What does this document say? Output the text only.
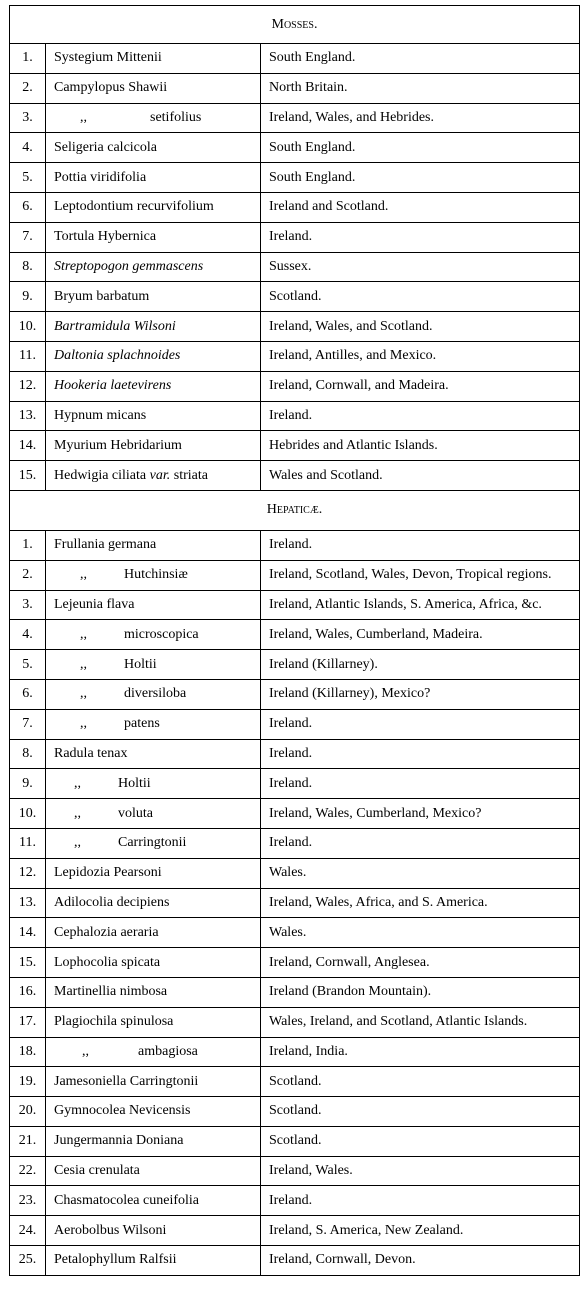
Mosses.		
1.	Systegium Mittenii	South England.
2.	Campylopus Shawii	North Britain.
3.	,, setifolius	Ireland, Wales, and Hebrides.
4.	Seligeria calcicola	South England.
5.	Pottia viridifolia	South England.
6.	Leptodontium recurvifolium	Ireland and Scotland.
7.	Tortula Hybernica	Ireland.
8.	Streptopogon gemmascens	Sussex.
9.	Bryum barbatum	Scotland.
10.	Bartramidula Wilsoni	Ireland, Wales, and Scotland.
11.	Daltonia splachnoides	Ireland, Antilles, and Mexico.
12.	Hookeria laetevirens	Ireland, Cornwall, and Madeira.
13.	Hypnum micans	Ireland.
14.	Myurium Hebridarium	Hebrides and Atlantic Islands.
15.	Hedwigia ciliata var. striata	Wales and Scotland.
Hepaticæ.		
1.	Frullania germana	Ireland.
2.	,, Hutchinsiæ	Ireland, Scotland, Wales, Devon, Tropical regions.
3.	Lejeunia flava	Ireland, Atlantic Islands, S. America, Africa, &c.
4.	,, microscopica	Ireland, Wales, Cumberland, Madeira.
5.	,, Holtii	Ireland (Killarney).
6.	,, diversiloba	Ireland (Killarney), Mexico?
7.	,, patens	Ireland.
8.	Radula tenax	Ireland.
9.	,, Holtii	Ireland.
10.	,, voluta	Ireland, Wales, Cumberland, Mexico?
11.	,, Carringtonii	Ireland.
12.	Lepidozia Pearsoni	Wales.
13.	Adilocolia decipiens	Ireland, Wales, Africa, and S. America.
14.	Cephalozia aeraria	Wales.
15.	Lophocolia spicata	Ireland, Cornwall, Anglesea.
16.	Martinellia nimbosa	Ireland (Brandon Mountain).
17.	Plagiochila spinulosa	Wales, Ireland, and Scotland, Atlantic Islands.
18.	,, ambagiosa	Ireland, India.
19.	Jamesoniella Carringtonii	Scotland.
20.	Gymnocolea Nevicensis	Scotland.
21.	Jungermannia Doniana	Scotland.
22.	Cesia crenulata	Ireland, Wales.
23.	Chasmatocolea cuneifolia	Ireland.
24.	Aerobolbus Wilsoni	Ireland, S. America, New Zealand.
25.	Petalophyllum Ralfsii	Ireland, Cornwall, Devon.
